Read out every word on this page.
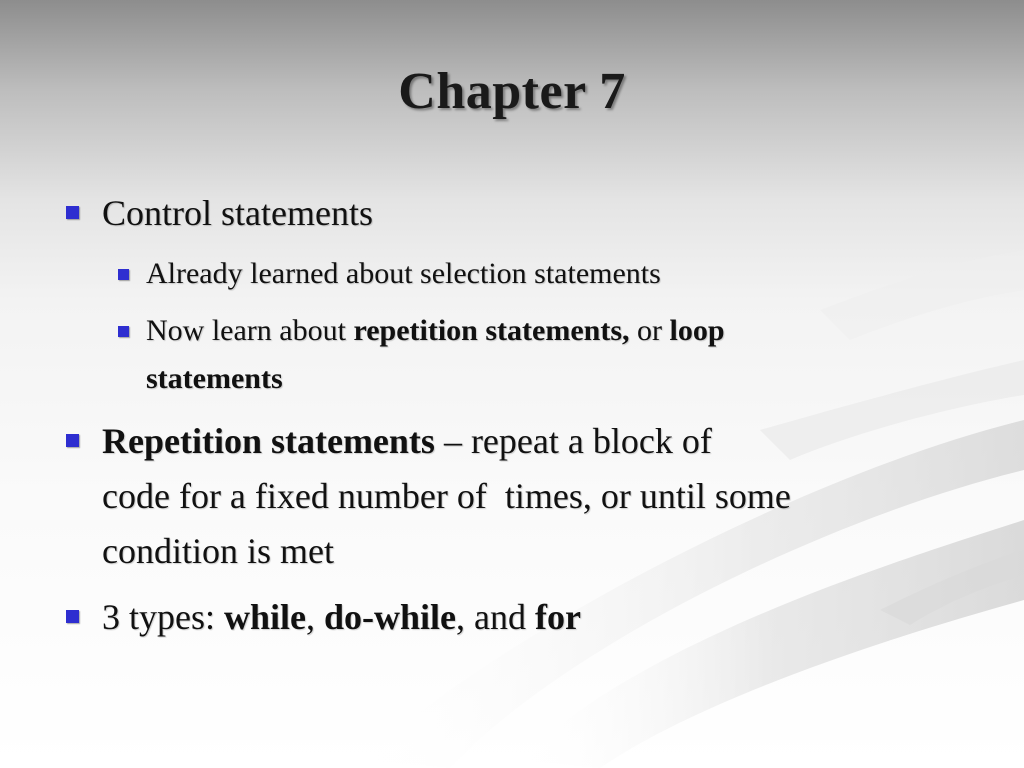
Chapter 7
Control statements
Already learned about selection statements
Now learn about repetition statements, or loop
statements
Repetition statements – repeat a block of
code for a fixed number of  times, or until some
condition is met
3 types: while, do-while, and for
